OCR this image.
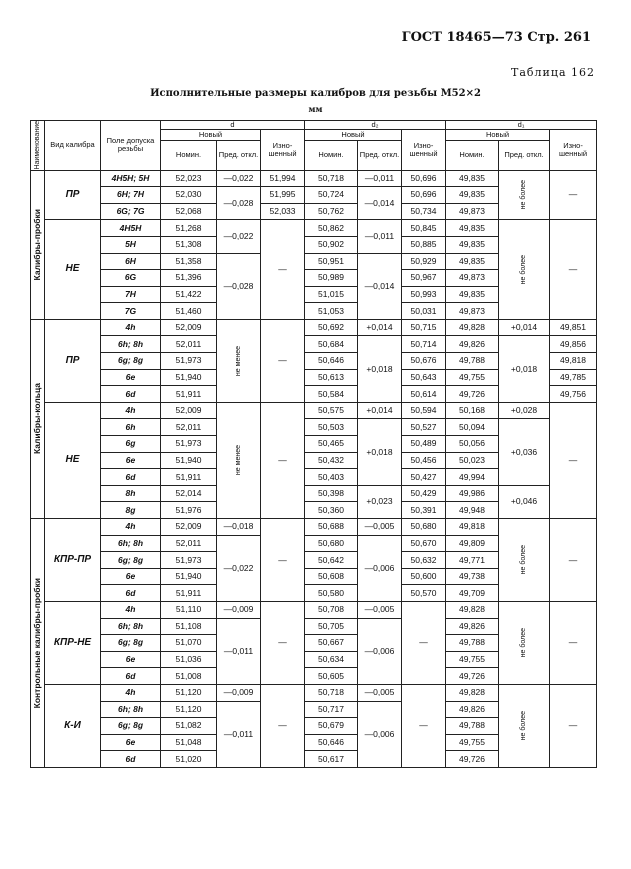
ГОСТ 18465—73 Стр. 261
Таблица 162
Исполнительные размеры калибров для резьбы М52×2
мм
Наименование	Вид калибра	Поле допуска резьбы	d			d₂			d₁		
			Новый		Изно- шенный	Новый		Изно- шенный	Новый		Изно- шенный
			Номин.	Пред. откл.		Номин.	Пред. откл.		Номин.	Пред. откл.	

Калибры-пробки	ПР	4H5H; 5H	52,023	—0,022	51,994	50,718	—0,011	50,696	49,835	не более	—
		6H; 7H	52,030	—0,028	51,995	50,724	—0,014	50,696	49,835		
		6G; 7G	52,068		52,033	50,762		50,734	49,873		
	НЕ	4H5H	51,268	—0,022	—	50,862	—0,011	50,845	49,835	не более	—
		5H	51,308			50,902		50,885	49,835		
		6H	51,358	—0,028		50,951	—0,014	50,929	49,835		
		6G	51,396			50,989		50,967	49,873		
		7H	51,422			51,015		50,993	49,835		
		7G	51,460			51,053		50,031	49,873		

Калибры-кольца	ПР	4h	52,009	не менее	—	50,692	+0,014	50,715	49,828	+0,014	49,851
		6h; 8h	52,011			50,684	+0,018	50,714	49,826	+0,018	49,856
		6g; 8g	51,973			50,646		50,676	49,788		49,818
		6e	51,940			50,613		50,643	49,755		49,785
		6d	51,911			50,584		50,614	49,726		49,756
	НЕ	4h	52,009	не менее	—	50,575	+0,014	50,594	50,168	+0,028	—
		6h	52,011			50,503	+0,018	50,527	50,094	+0,036	
		6g	51,973			50,465		50,489	50,056		
		6e	51,940			50,432		50,456	50,023		
		6d	51,911			50,403		50,427	49,994		
		8h	52,014			50,398	+0,023	50,429	49,986	+0,046	
		8g	51,976			50,360		50,391	49,948		

Контрольные калибры-пробки	КПР-ПР	4h	52,009	—0,018	—	50,688	—0,005	50,680	49,818	не более	—
		6h; 8h	52,011	—0,022		50,680	—0,006	50,670	49,809		
		6g; 8g	51,973			50,642		50,632	49,771		
		6e	51,940			50,608		50,600	49,738		
		6d	51,911			50,580		50,570	49,709		
	КПР-НЕ	4h	51,110	—0,009	—	50,708	—0,005	—	49,828	не более	—
		6h; 8h	51,108	—0,011		50,705	—0,006		49,826		
		6g; 8g	51,070			50,667			49,788		
		6e	51,036			50,634			49,755		
		6d	51,008			50,605			49,726		
	К-И	4h	51,120	—0,009	—	50,718	—0,005	—	49,828	не более	—
		6h; 8h	51,120	—0,011		50,717	—0,006		49,826		
		6g; 8g	51,082			50,679			49,788		
		6e	51,048			50,646			49,755		
		6d	51,020			50,617			49,726		
